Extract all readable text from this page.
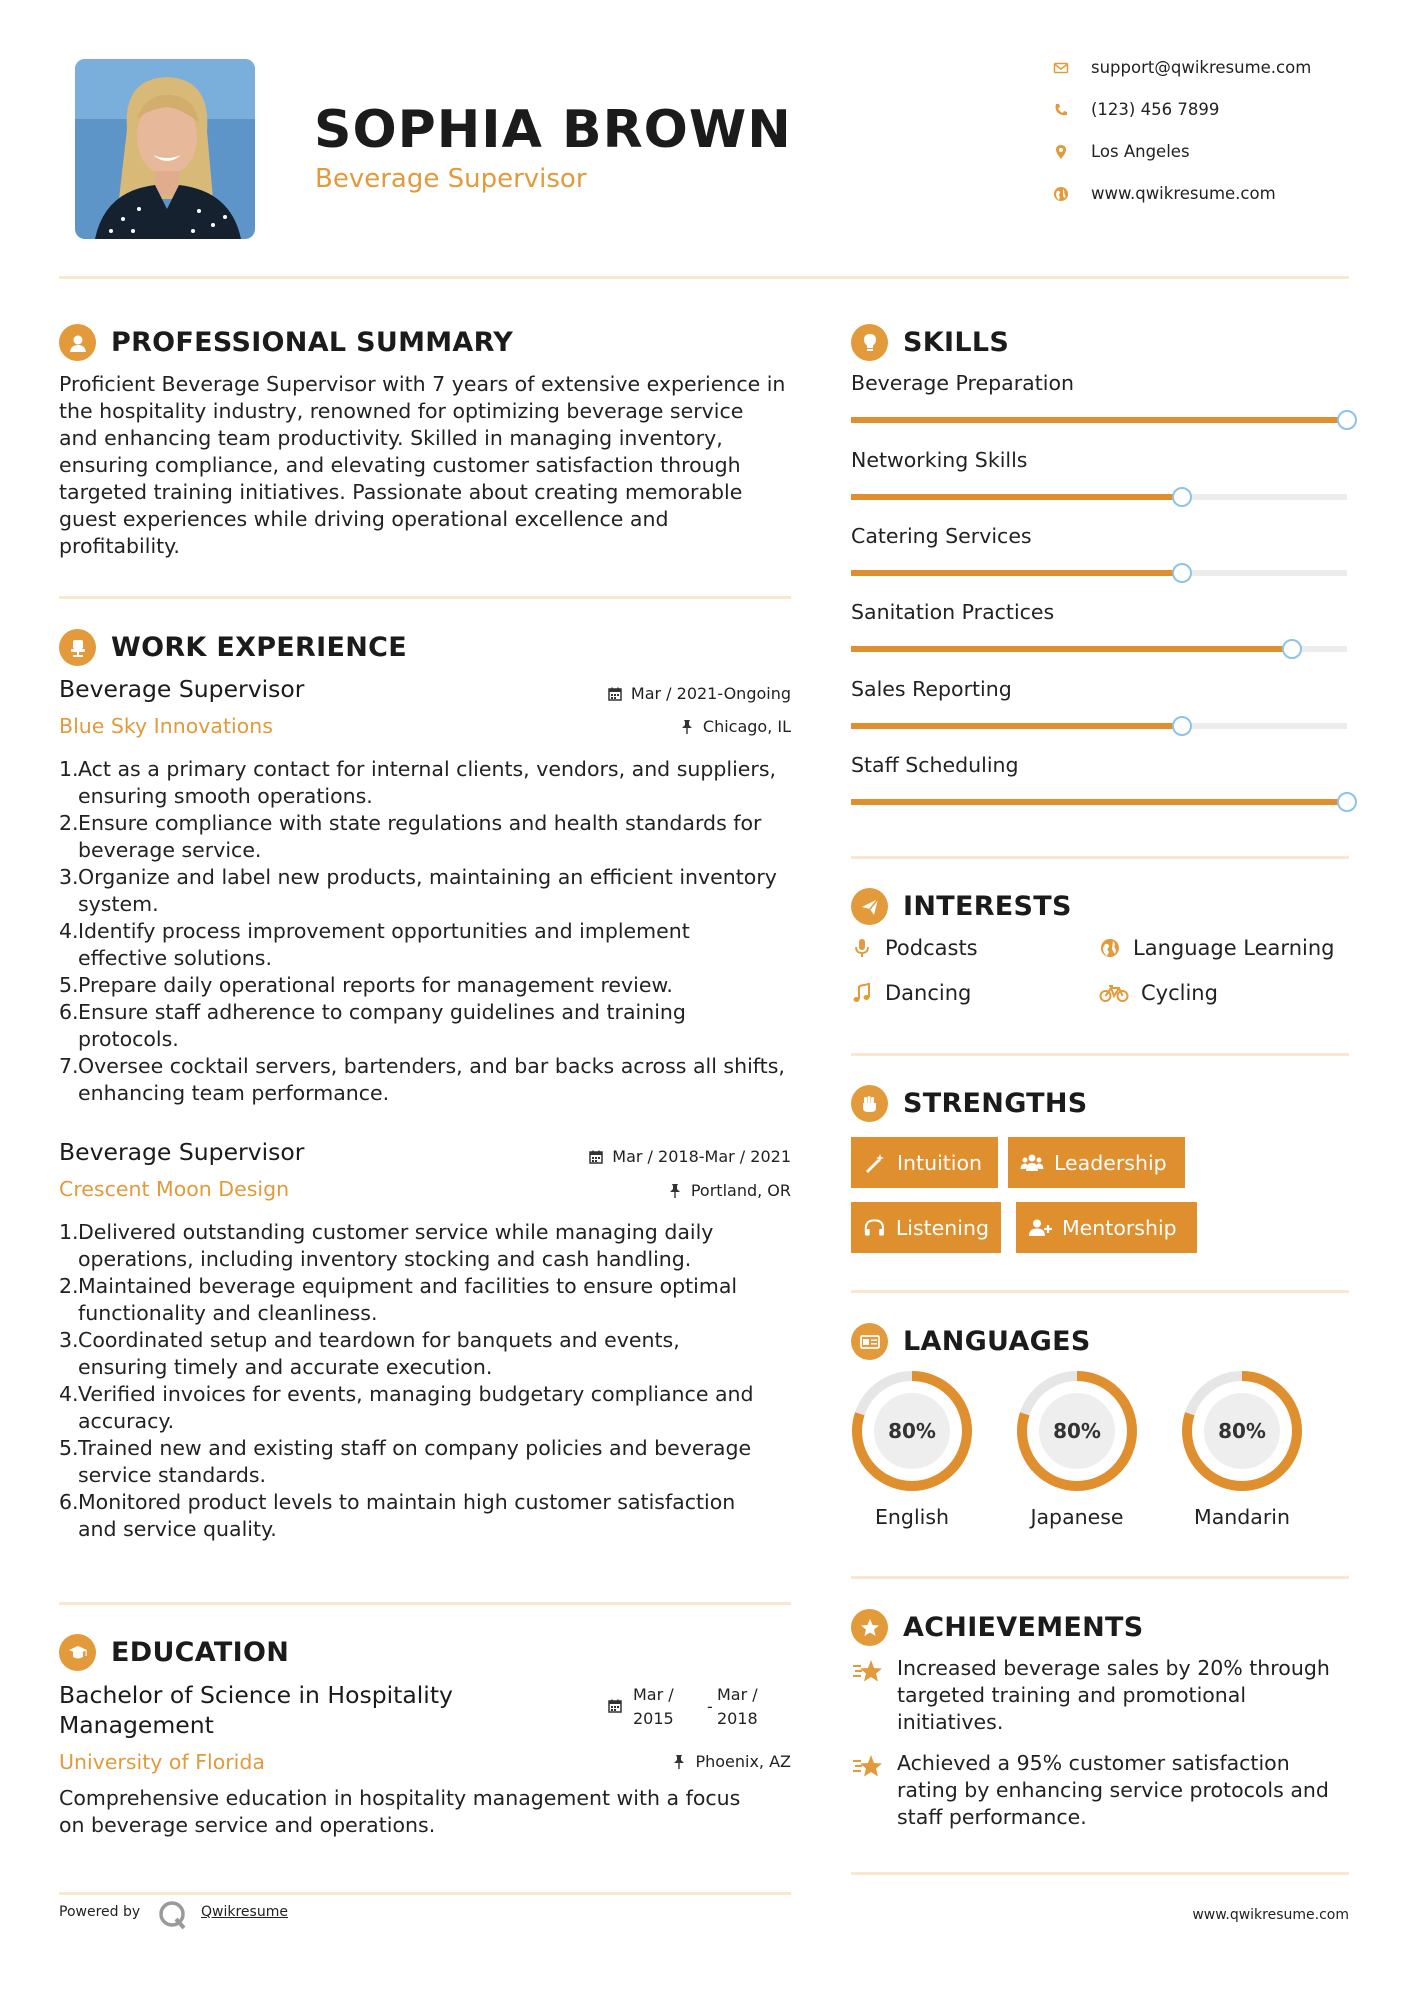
SOPHIA BROWN
Beverage Supervisor
support@qwikresume.com
(123) 456 7899
Los Angeles
www.qwikresume.com
PROFESSIONAL SUMMARY
Proficient Beverage Supervisor with 7 years of extensive experience in
the hospitality industry, renowned for optimizing beverage service
and enhancing team productivity. Skilled in managing inventory,
ensuring compliance, and elevating customer satisfaction through
targeted training initiatives. Passionate about creating memorable
guest experiences while driving operational excellence and
profitability.
WORK EXPERIENCE
Beverage Supervisor	Mar / 2021-Ongoing
Blue Sky Innovations	Chicago, IL
1. Act as a primary contact for internal clients, vendors, and suppliers,
ensuring smooth operations.
2. Ensure compliance with state regulations and health standards for
beverage service.
3. Organize and label new products, maintaining an efficient inventory
system.
4. Identify process improvement opportunities and implement
effective solutions.
5. Prepare daily operational reports for management review.
6. Ensure staff adherence to company guidelines and training
protocols.
7. Oversee cocktail servers, bartenders, and bar backs across all shifts,
enhancing team performance.
Beverage Supervisor	Mar / 2018-Mar / 2021
Crescent Moon Design	Portland, OR
1. Delivered outstanding customer service while managing daily
operations, including inventory stocking and cash handling.
2. Maintained beverage equipment and facilities to ensure optimal
functionality and cleanliness.
3. Coordinated setup and teardown for banquets and events,
ensuring timely and accurate execution.
4. Verified invoices for events, managing budgetary compliance and
accuracy.
5. Trained new and existing staff on company policies and beverage
service standards.
6. Monitored product levels to maintain high customer satisfaction
and service quality.
EDUCATION
Bachelor of Science in Hospitality
Management
Mar /
2015
-
Mar /
2018
University of Florida	Phoenix, AZ
Comprehensive education in hospitality management with a focus
on beverage service and operations.
SKILLS
Beverage Preparation
Networking Skills
Catering Services
Sanitation Practices
Sales Reporting
Staff Scheduling
INTERESTS
Podcasts	Language Learning
Dancing	Cycling
STRENGTHS
Intuition	Leadership
Listening	Mentorship
LANGUAGES
80%	80%	80%
English	Japanese	Mandarin
ACHIEVEMENTS
Increased beverage sales by 20% through
targeted training and promotional
initiatives.
Achieved a 95% customer satisfaction
rating by enhancing service protocols and
staff performance.
Powered by	Qwikresume	www.qwikresume.com
